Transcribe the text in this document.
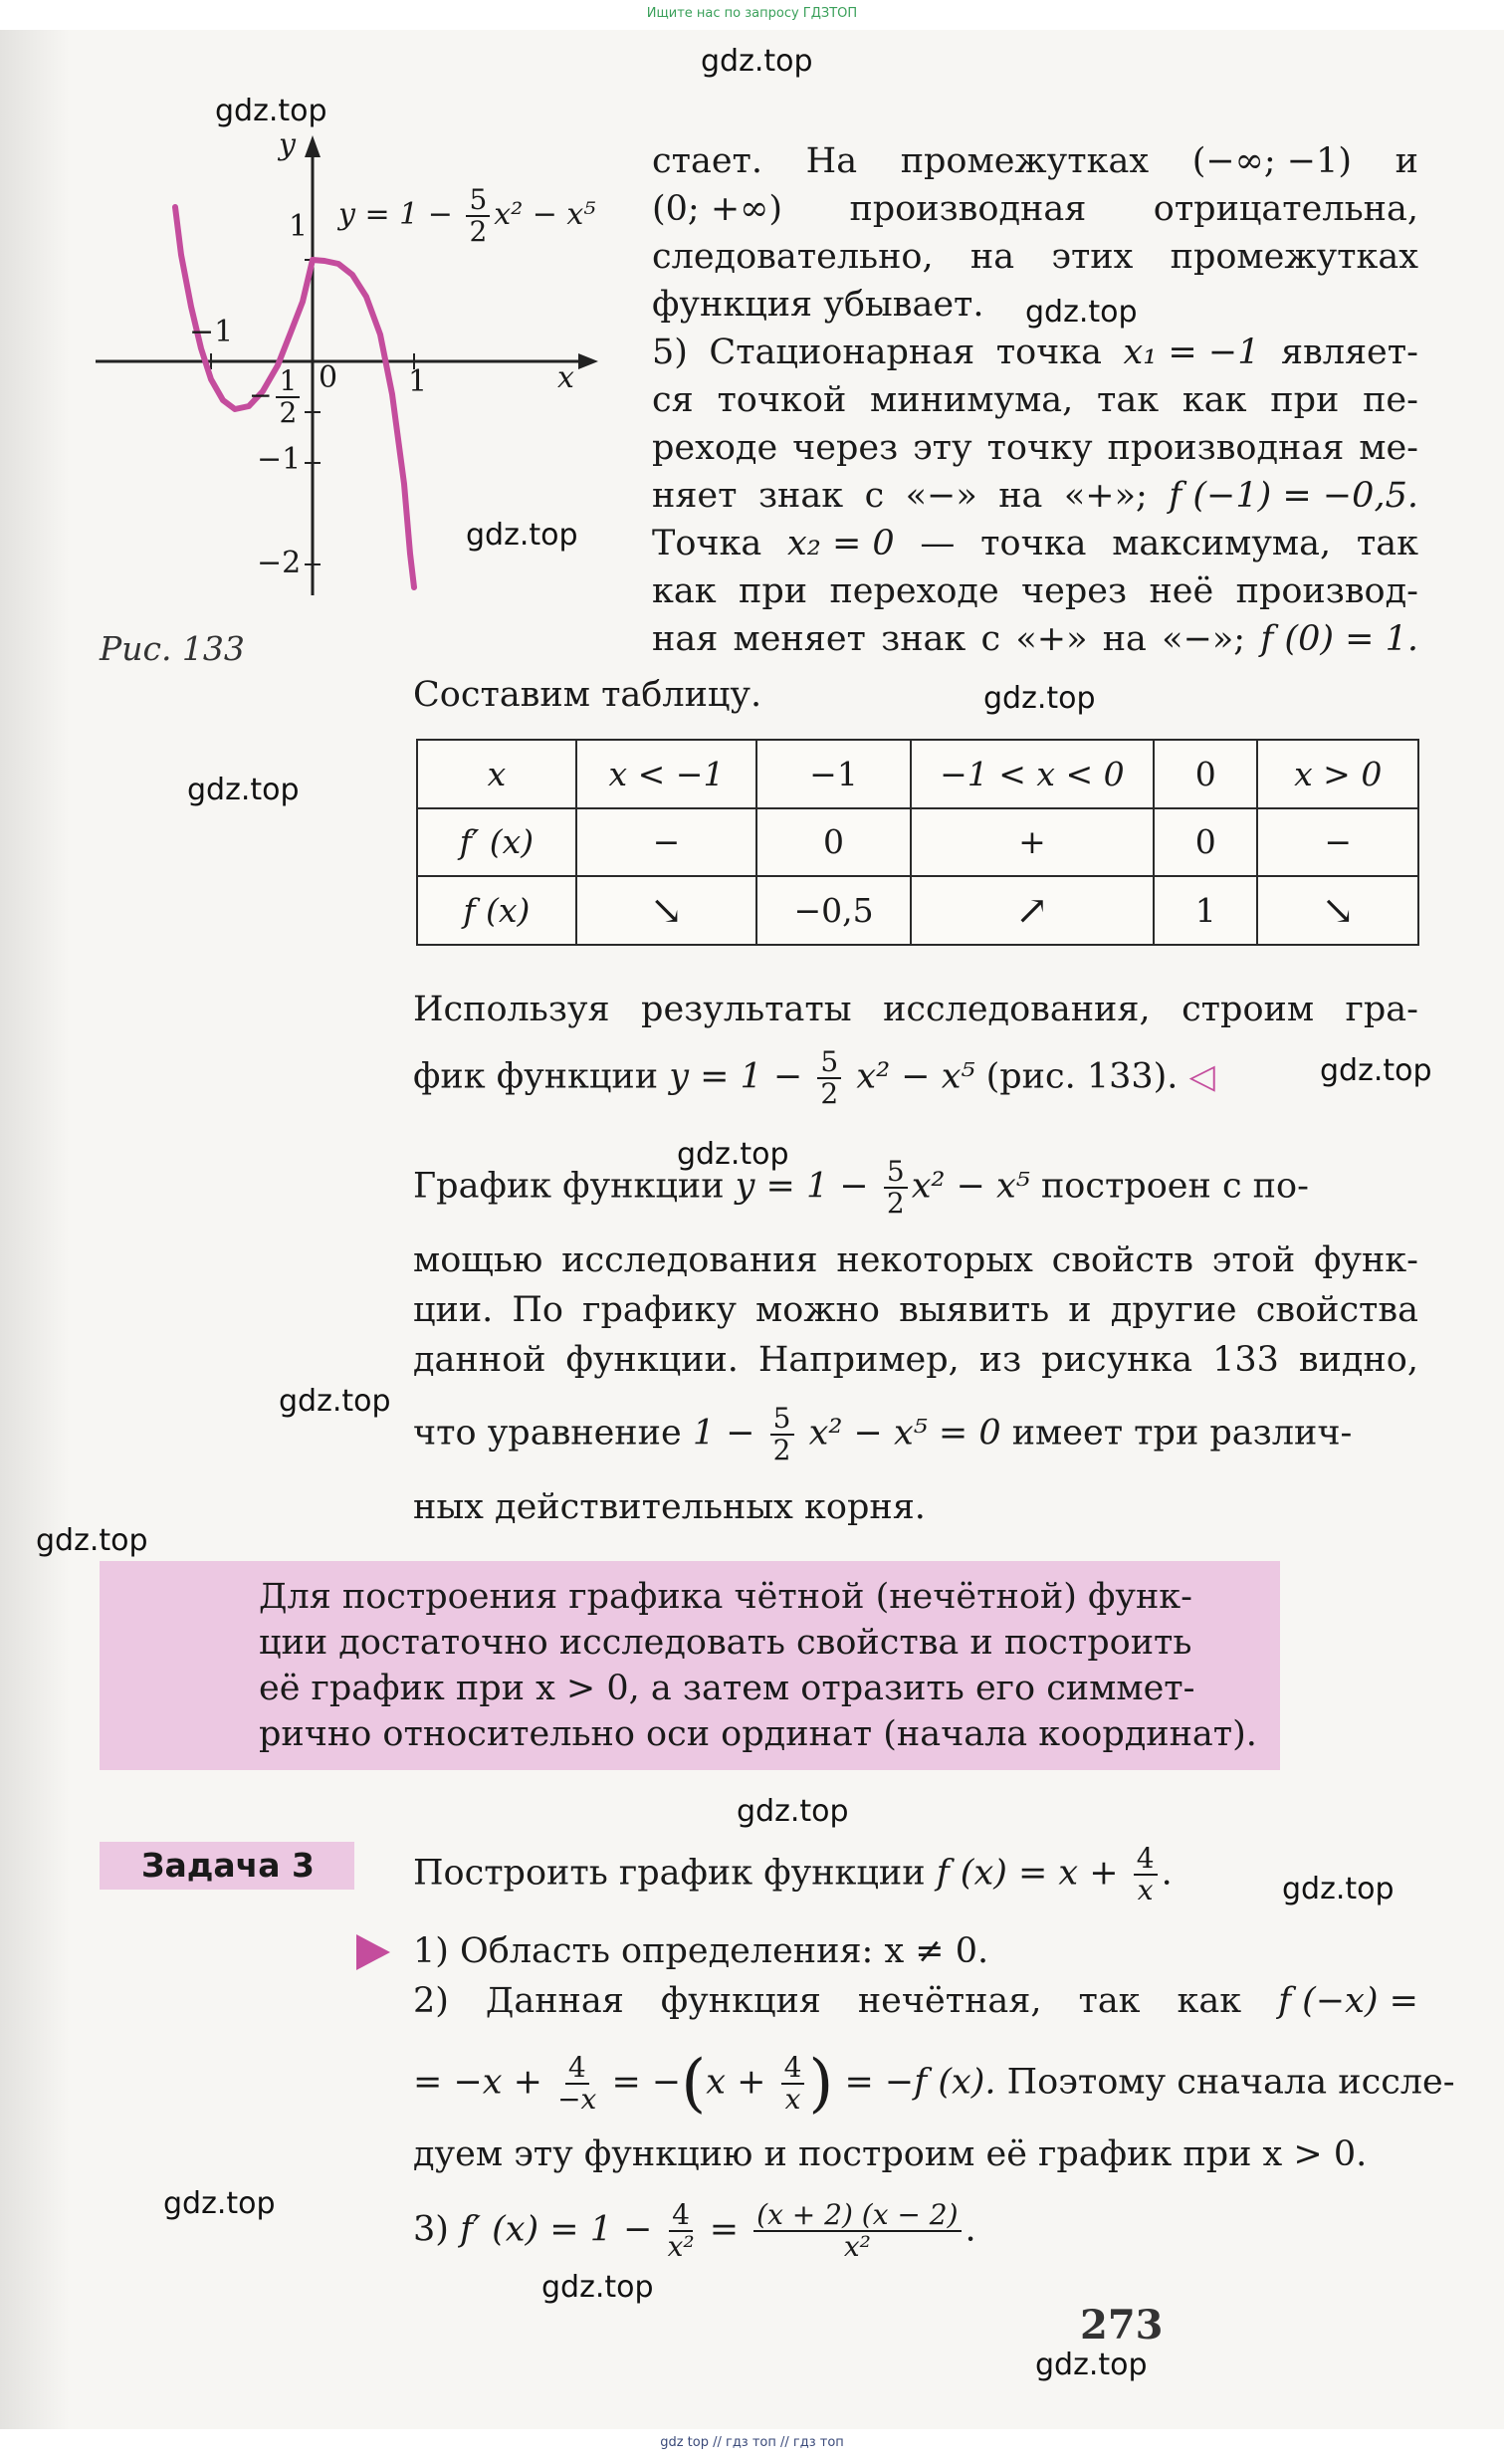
Ищите нас по запросу ГДЗТОП
y
x
$y = 1 - \frac{5}{2} x^2 - x^5$
1
−1
0 1
− $\frac{1}{2}$
−1
−2
Рис. 133
стает. На промежутках (−∞; −1) и
(0; +∞) производная отрицательна,
следовательно, на этих промежутках
функция убывает.
5) Стационарная точка x₁ = −1 являет-
ся точкой минимума, так как при пе-
реходе через эту точку производная ме-
няет знак с «−» на «+»; f (−1) = −0,5.
Точка x₂ = 0 — точка максимума, так
как при переходе через неё производ-
ная меняет знак с «+» на «−»; f (0) = 1.
Составим таблицу.
x	x < −1	−1	−1 < x < 0	0	x > 0
f′ (x)	−	0	+	0	−
f (x)	↘	−0,5	↗	1	↘
Используя результаты исследования, строим гра-
фик функции $y = 1 - \frac{5}{2} x^2 - x^5$ (рис. 133). ◁
График функции $y = 1 - \frac{5}{2} x^2 - x^5$ построен с по-
мощью исследования некоторых свойств этой функ-
ции. По графику можно выявить и другие свойства
данной функции. Например, из рисунка 133 видно,
что уравнение $1 - \frac{5}{2} x^2 - x^5 = 0$ имеет три различ-
ных действительных корня.
Для построения графика чётной (нечётной) функ-
ции достаточно исследовать свойства и построить
её график при x > 0, а затем отразить его симмет-
рично относительно оси ординат (начала координат).
Задача 3	Построить график функции f $(x) = x + \frac{4}{x}$ .
1) Область определения: x ≠ 0.
2) Данная функция нечётная, так как f (−x) =
= $-x + \frac{4}{-x} = -(x + \frac{4}{x}$ ) = −f (x). Поэтому сначала иссле-
дуем эту функцию и построим её график при x > 0.
3) f′ $(x) = 1 - \frac{4}{\text{x²}} = \frac{(x + 2) (x - 2)}{\text{x²}}$ .
273
gdz.top
gdz.top
gdz.top
gdz.top
gdz.top
gdz.top
gdz.top
gdz.top
gdz.top
gdz.top
gdz.top
gdz.top
gdz.top
gdz.top
gdz.top
gdz top // гдз топ // гдз топ
